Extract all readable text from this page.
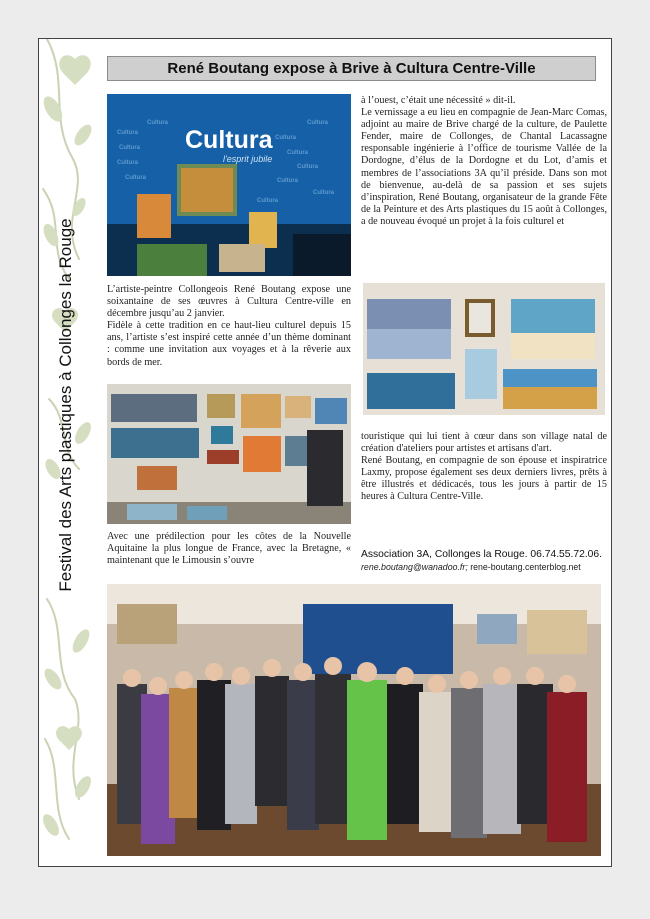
Festival des Arts plastiques à Collonges la Rouge
René Boutang expose à Brive à Cultura Centre-Ville
Cultura
Cultura
Cultura
Cultura
Cultura
Cultura
Cultura
Cultura
Cultura
Cultura
Cultura
Cultura
Cultura
l'esprit jubile

L’artiste-peintre Collongeois René Boutang expose une soixantaine de ses œuvres à Cultura Centre-ville en décembre jusqu’au 2 janvier.

Fidèle à cette tradition en ce haut-lieu culturel depuis 15 ans, l’artiste s’est inspiré cette année d’un thème dominant : comme une invitation aux voyages et à la rêverie aux bords de mer.

Avec une prédilection pour les côtes de la Nouvelle Aquitaine la plus longue de France, avec la Bretagne, « maintenant que le Limousin s’ouvre

à l’ouest, c’était une nécessité » dit-il.

Le vernissage a eu lieu en compagnie de Jean-Marc Comas, adjoint au maire de Brive chargé de la culture, de Paulette Fender, maire de Collonges, de Chantal Lacassagne responsable ingénierie à l’office de tourisme Vallée de la Dordogne, d’élus de la Dordogne et du Lot, d’amis et membres de l’associations 3A qu’il préside. Dans son mot de bienvenue, au-delà de sa passion et ses sujets d’inspiration, René Boutang, organisateur de la grande Fête de la Peinture et des Arts plastiques du 15 août à Collonges, a de nouveau évoqué un projet à la fois culturel et

touristique qui lui tient à cœur dans son village natal de création d'ateliers pour artistes et artisans d'art.

René Boutang, en compagnie de son épouse et inspiratrice Laxmy, propose également ses deux derniers livres, prêts à être illustrés et dédicacés, tous les jours à partir de 15 heures à Cultura Centre-Ville.

Association 3A, Collonges la Rouge. 06.74.55.72.06.
rene.boutang@wanadoo.fr; rene-boutang.centerblog.net
